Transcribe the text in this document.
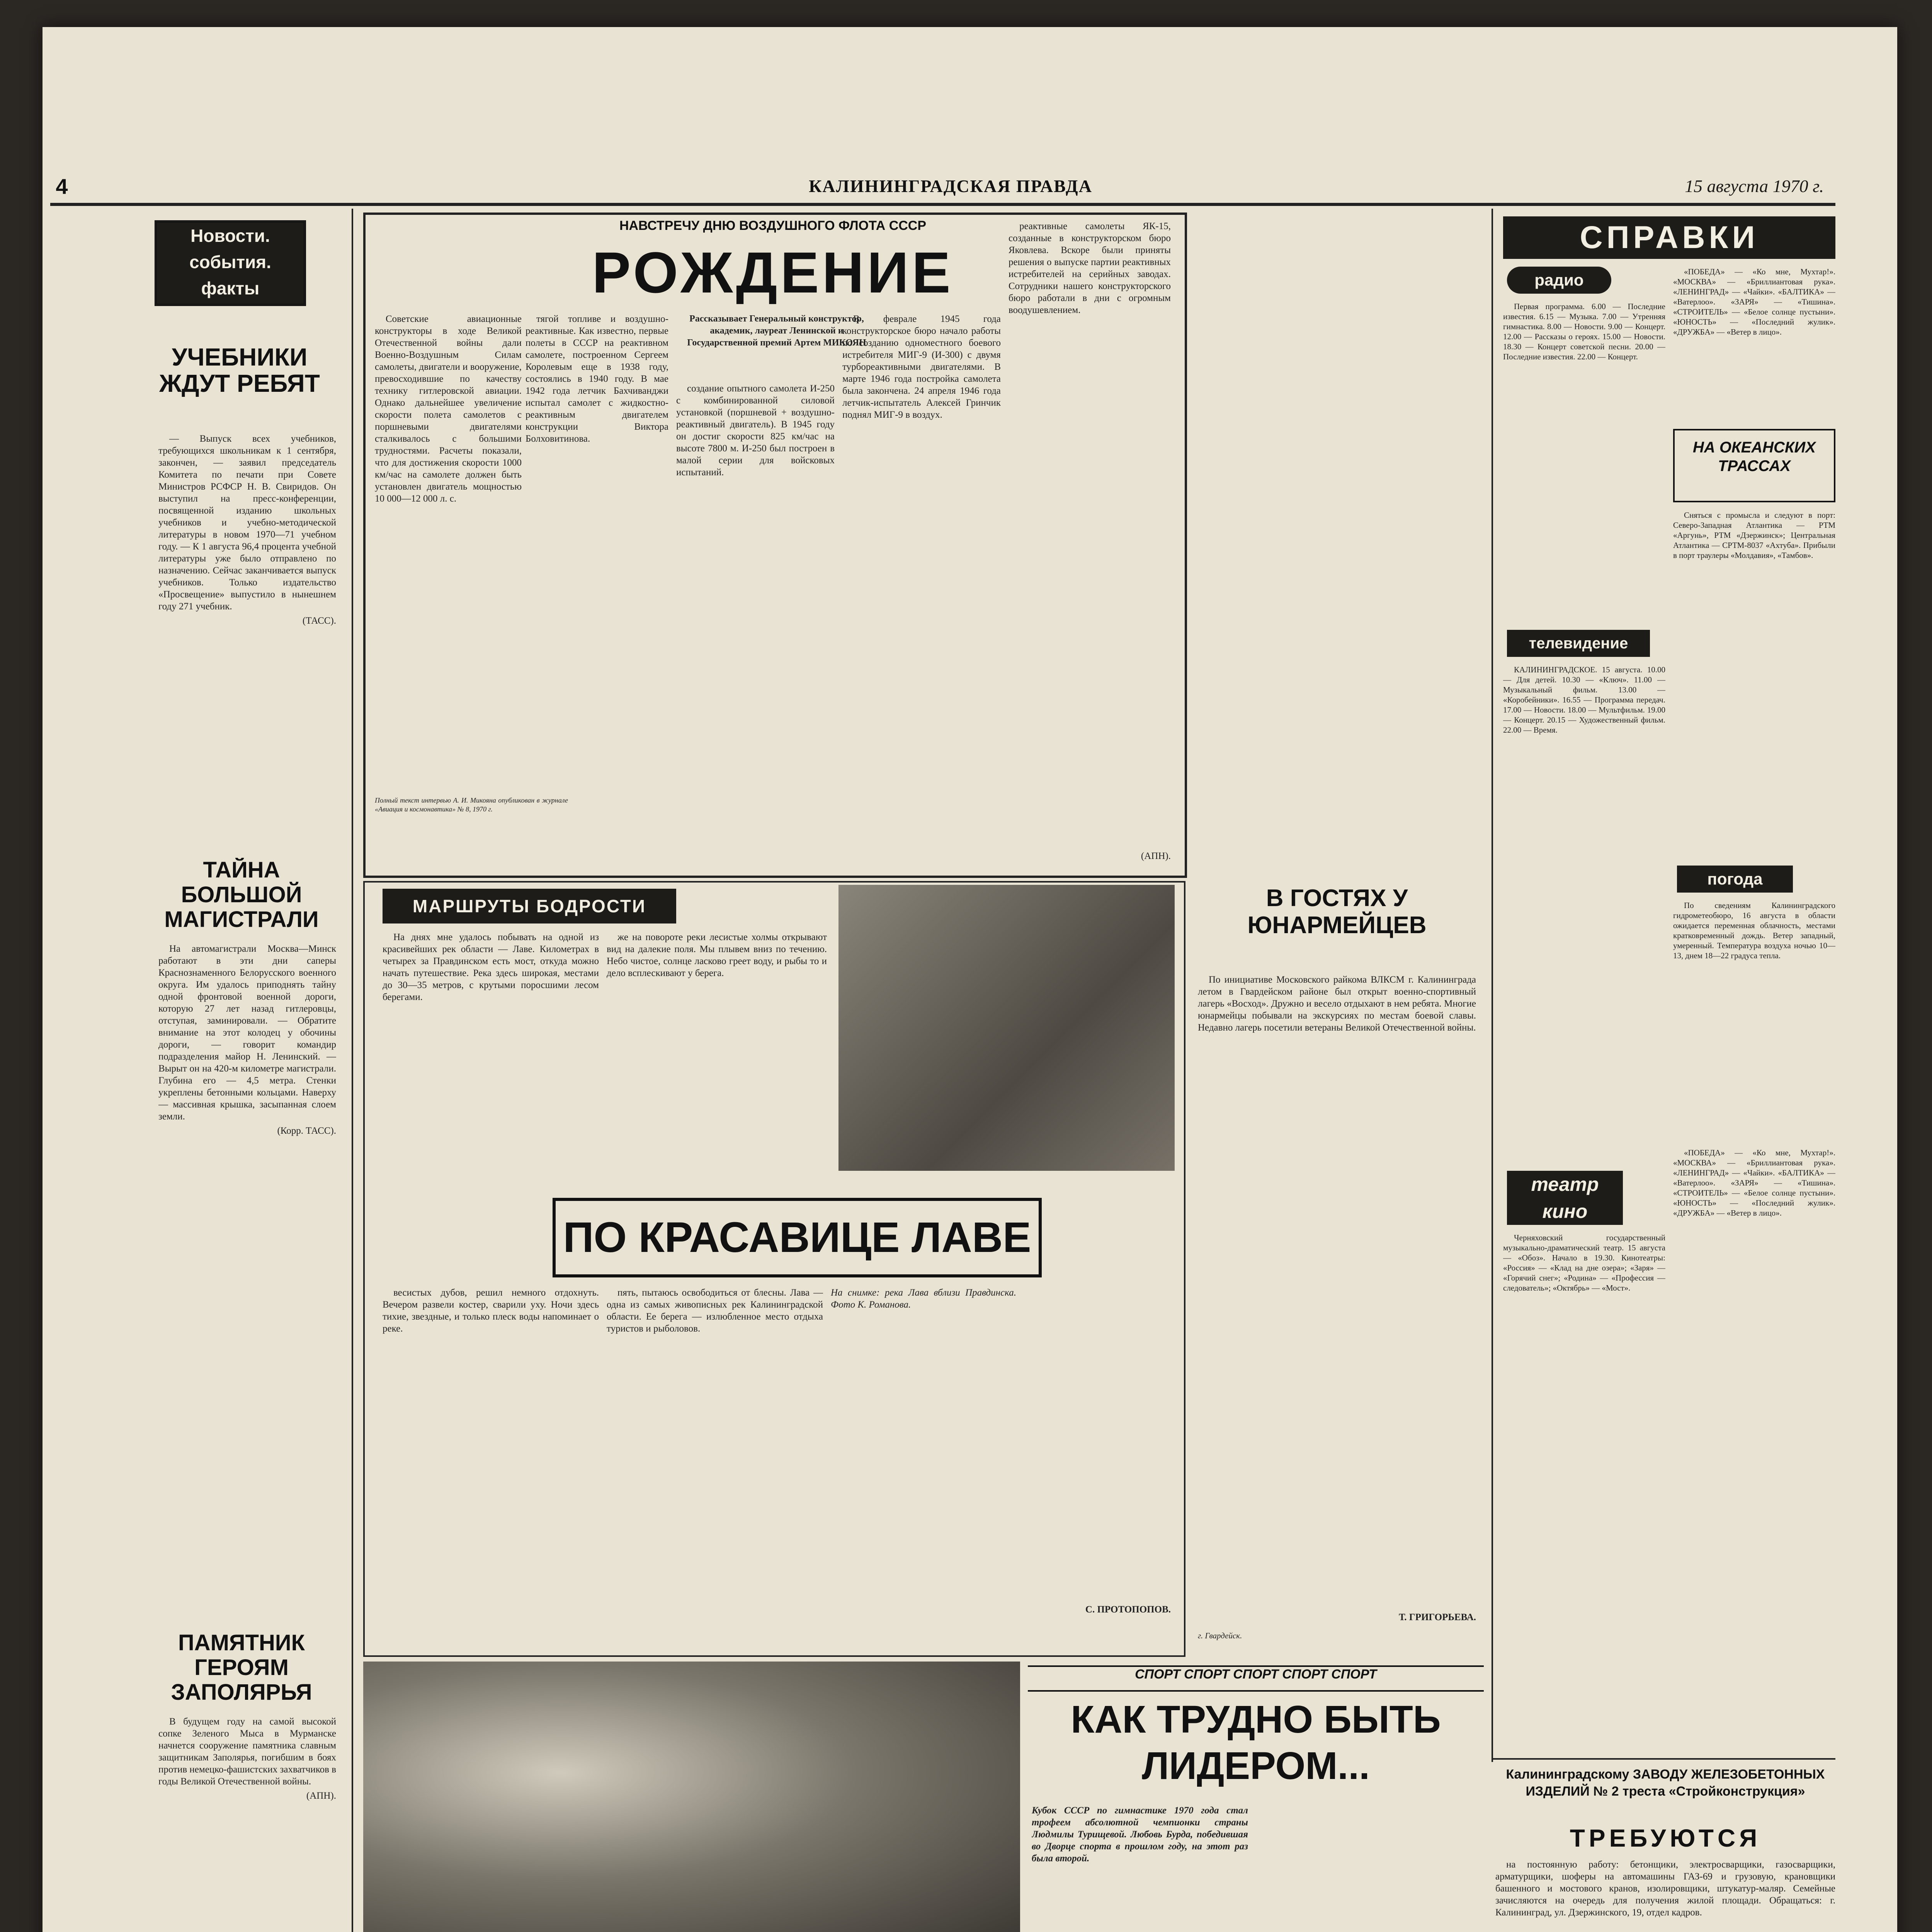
4	КАЛИНИНГРАДСКАЯ ПРАВДА	15 августа 1970 г.
Новости.
события.
факты
УЧЕБНИКИ ЖДУТ РЕБЯТ

— Выпуск всех учебников, требующихся школьникам к 1 сентября, закончен, — заявил председатель Комитета по печати при Совете Министров РСФСР Н. В. Свиридов. Он выступил на пресс-конференции, посвященной изданию школьных учебников и учебно-методической литературы в новом 1970—71 учебном году. — К 1 августа 96,4 процента учебной литературы уже было отправлено по назначению. Сейчас заканчивается выпуск учебников. Только издательство «Просвещение» выпустило в нынешнем году 271 учебник.

(ТАСС).
ТАЙНА БОЛЬШОЙ МАГИСТРАЛИ

На автомагистрали Москва—Минск работают в эти дни саперы Краснознаменного Белорусского военного округа. Им удалось приподнять тайну одной фронтовой военной дороги, которую 27 лет назад гитлеровцы, отступая, заминировали. — Обратите внимание на этот колодец у обочины дороги, — говорит командир подразделения майор Н. Ленинский. — Вырыт он на 420-м километре магистрали. Глубина его — 4,5 метра. Стенки укреплены бетонными кольцами. Наверху — массивная крышка, засыпанная слоем земли.

(Корр. ТАСС).
ПАМЯТНИК ГЕРОЯМ ЗАПОЛЯРЬЯ

В будущем году на самой высокой сопке Зеленого Мыса в Мурманске начнется сооружение памятника славным защитникам Заполярья, погибшим в боях против немецко-фашистских захватчиков в годы Великой Отечественной войны.

(АПН).

НАВСТРЕЧУ ДНЮ ВОЗДУШНОГО ФЛОТА СССР
РОЖДЕНИЕ
Рассказывает Генеральный конструктор, академик, лауреат Ленинской и Государственной премий Артем МИКОЯН

Советские авиационные конструкторы в ходе Великой Отечественной войны дали Военно-Воздушным Силам самолеты, двигатели и вооружение, превосходившие по качеству технику гитлеровской авиации. Однако дальнейшее увеличение скорости полета самолетов с поршневыми двигателями сталкивалось с большими трудностями. Расчеты показали, что для достижения скорости 1000 км/час на самолете должен быть установлен двигатель мощностью 10 000—12 000 л. с.

тягой топливе и воздушно-реактивные. Как известно, первые полеты в СССР на реактивном самолете, построенном Сергеем Королевым еще в 1938 году, состоялись в 1940 году. В мае 1942 года летчик Бахчиванджи испытал самолет с жидкостно-реактивным двигателем конструкции Виктора Болховитинова.

создание опытного самолета И-250 с комбинированной силовой установкой (поршневой + воздушно-реактивный двигатель). В 1945 году он достиг скорости 825 км/час на высоте 7800 м. И-250 был построен в малой серии для войсковых испытаний.

В феврале 1945 года конструкторское бюро начало работы по созданию одноместного боевого истребителя МИГ-9 (И-300) с двумя турбореактивными двигателями. В марте 1946 года постройка самолета была закончена. 24 апреля 1946 года летчик-испытатель Алексей Гринчик поднял МИГ-9 в воздух.

реактивные самолеты ЯК-15, созданные в конструкторском бюро Яковлева. Вскоре были приняты решения о выпуске партии реактивных истребителей на серийных заводах. Сотрудники нашего конструкторского бюро работали в дни с огромным воодушевлением.

Полный текст интервью А. И. Микояна опубликован в журнале «Авиация и космонавтика» № 8, 1970 г.
(АПН).
МАРШРУТЫ БОДРОСТИ

На днях мне удалось побывать на одной из красивейших рек области — Лаве. Километрах в четырех за Правдинском есть мост, откуда можно начать путешествие. Река здесь широкая, местами до 30—35 метров, с крутыми поросшими лесом берегами.

же на повороте реки лесистые холмы открывают вид на далекие поля. Мы плывем вниз по течению. Небо чистое, солнце ласково греет воду, и рыбы то и дело всплескивают у берега.

ПО КРАСАВИЦЕ ЛАВЕ

весистых дубов, решил немного отдохнуть. Вечером развели костер, сварили уху. Ночи здесь тихие, звездные, и только плеск воды напоминает о реке.

пять, пытаюсь освободиться от блесны. Лава — одна из самых живописных рек Калининградской области. Ее берега — излюбленное место отдыха туристов и рыболовов.

На снимке: река Лава вблизи Правдинска. Фото К. Романова.
С. ПРОТОПОПОВ.
В ГОСТЯХ У ЮНАРМЕЙЦЕВ

По инициативе Московского райкома ВЛКСМ г. Калининграда летом в Гвардейском районе был открыт военно-спортивный лагерь «Восход». Дружно и весело отдыхают в нем ребята. Многие юнармейцы побывали на экскурсиях по местам боевой славы. Недавно лагерь посетили ветераны Великой Отечественной войны.

Т. ГРИГОРЬЕВА.
г. Гвардейск.

СПОРТ СПОРТ СПОРТ СПОРТ СПОРТ
КАК ТРУДНО БЫТЬ ЛИДЕРОМ...
Кубок СССР по гимнастике 1970 года стал трофеем абсолютной чемпионки страны Людмилы Турищевой. Любовь Бурда, победившая во Дворце спорта в прошлом году, на этот раз была второй.

СПРАВКИ
радио

Первая программа. 6.00 — Последние известия. 6.15 — Музыка. 7.00 — Утренняя гимнастика. 8.00 — Новости. 9.00 — Концерт. 12.00 — Рассказы о героях. 15.00 — Новости. 18.30 — Концерт советской песни. 20.00 — Последние известия. 22.00 — Концерт.

«ПОБЕДА» — «Ко мне, Мухтар!». «МОСКВА» — «Бриллиантовая рука». «ЛЕНИНГРАД» — «Чайки». «БАЛТИКА» — «Ватерлоо». «ЗАРЯ» — «Тишина». «СТРОИТЕЛЬ» — «Белое солнце пустыни». «ЮНОСТЬ» — «Последний жулик». «ДРУЖБА» — «Ветер в лицо».

НА ОКЕАНСКИХ ТРАССАХ

Сняться с промысла и следуют в порт: Северо-Западная Атлантика — РТМ «Аргунь», РТМ «Дзержинск»; Центральная Атлантика — СРТМ-8037 «Ахтуба». Прибыли в порт траулеры «Молдавия», «Тамбов».

телевидение

КАЛИНИНГРАДСКОЕ. 15 августа. 10.00 — Для детей. 10.30 — «Ключ». 11.00 — Музыкальный фильм. 13.00 — «Коробейники». 16.55 — Программа передач. 17.00 — Новости. 18.00 — Мультфильм. 19.00 — Концерт. 20.15 — Художественный фильм. 22.00 — Время.

погода

По сведениям Калининградского гидрометеобюро, 16 августа в области ожидается переменная облачность, местами кратковременный дождь. Ветер западный, умеренный. Температура воздуха ночью 10—13, днем 18—22 градуса тепла.

театр кино

Черняховский государственный музыкально-драматический театр. 15 августа — «Обоз». Начало в 19.30. Кинотеатры: «Россия» — «Клад на дне озера»; «Заря» — «Горячий снег»; «Родина» — «Профессия — следователь»; «Октябрь» — «Мост».

«ПОБЕДА» — «Ко мне, Мухтар!». «МОСКВА» — «Бриллиантовая рука». «ЛЕНИНГРАД» — «Чайки». «БАЛТИКА» — «Ватерлоо». «ЗАРЯ» — «Тишина». «СТРОИТЕЛЬ» — «Белое солнце пустыни». «ЮНОСТЬ» — «Последний жулик». «ДРУЖБА» — «Ветер в лицо».

Калининградскому ЗАВОДУ ЖЕЛЕЗОБЕТОННЫХ ИЗДЕЛИЙ № 2 треста «Стройконструкция»
ТРЕБУЮТСЯ

на постоянную работу: бетонщики, электросварщики, газосварщики, арматурщики, шоферы на автомашины ГАЗ-69 и грузовую, крановщики башенного и мостового кранов, изолировщики, штукатур-маляр. Семейные зачисляются на очередь для получения жилой площади. Обращаться: г. Калининград, ул. Дзержинского, 19, отдел кадров.
